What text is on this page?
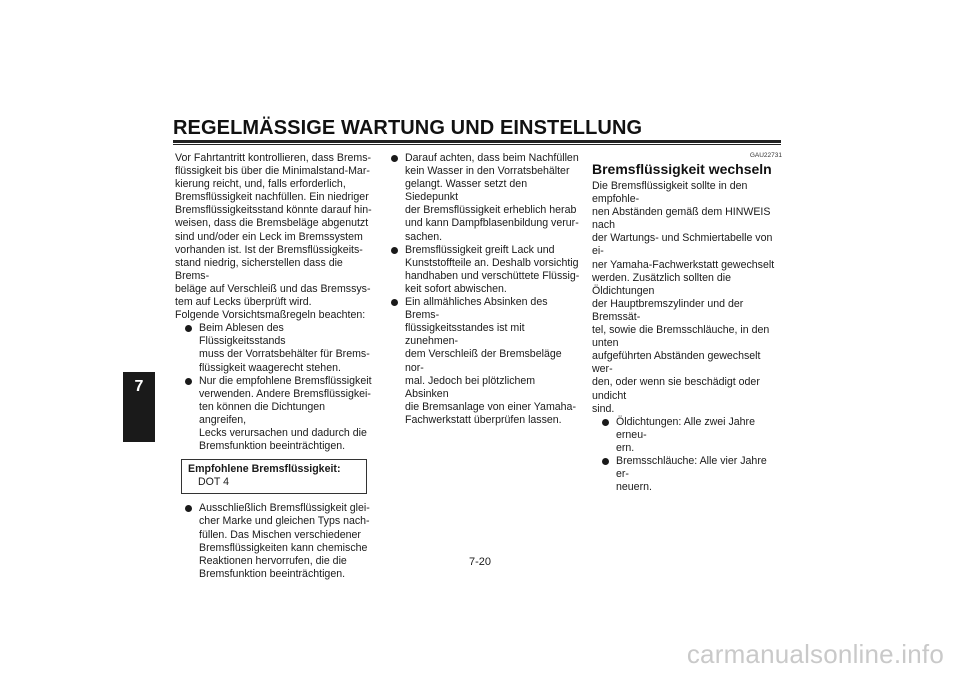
REGELMÄSSIGE WARTUNG UND EINSTELLUNG
7

Vor Fahrtantritt kontrollieren, dass Brems-
flüssigkeit bis über die Minimalstand-Mar-
kierung reicht, und, falls erforderlich,
Bremsflüssigkeit nachfüllen. Ein niedriger
Bremsflüssigkeitsstand könnte darauf hin-
weisen, dass die Bremsbeläge abgenutzt
sind und/oder ein Leck im Bremssystem
vorhanden ist. Ist der Bremsflüssigkeits-
stand niedrig, sicherstellen dass die Brems-
beläge auf Verschleiß und das Bremssys-
tem auf Lecks überprüft wird.

Folgende Vorsichtsmaßregeln beachten:

Beim Ablesen des Flüssigkeitsstands
muss der Vorratsbehälter für Brems-
flüssigkeit waagerecht stehen.
Nur die empfohlene Bremsflüssigkeit
verwenden. Andere Bremsflüssigkei-
ten können die Dichtungen angreifen,
Lecks verursachen und dadurch die
Bremsfunktion beeinträchtigen.
Empfohlene Bremsflüssigkeit:
DOT 4
Ausschließlich Bremsflüssigkeit glei-
cher Marke und gleichen Typs nach-
füllen. Das Mischen verschiedener
Bremsflüssigkeiten kann chemische
Reaktionen hervorrufen, die die
Bremsfunktion beeinträchtigen.
Darauf achten, dass beim Nachfüllen
kein Wasser in den Vorratsbehälter
gelangt. Wasser setzt den Siedepunkt
der Bremsflüssigkeit erheblich herab
und kann Dampfblasenbildung verur-
sachen.
Bremsflüssigkeit greift Lack und
Kunststoffteile an. Deshalb vorsichtig
handhaben und verschüttete Flüssig-
keit sofort abwischen.
Ein allmähliches Absinken des Brems-
flüssigkeitsstandes ist mit zunehmen-
dem Verschleiß der Bremsbeläge nor-
mal. Jedoch bei plötzlichem Absinken
die Bremsanlage von einer Yamaha-
Fachwerkstatt überprüfen lassen.

GAU22731

Bremsflüssigkeit wechseln

Die Bremsflüssigkeit sollte in den empfohle-
nen Abständen gemäß dem HINWEIS nach
der Wartungs- und Schmiertabelle von ei-
ner Yamaha-Fachwerkstatt gewechselt
werden. Zusätzlich sollten die Öldichtungen
der Hauptbremszylinder und der Bremssät-
tel, sowie die Bremsschläuche, in den unten
aufgeführten Abständen gewechselt wer-
den, oder wenn sie beschädigt oder undicht
sind.

Öldichtungen: Alle zwei Jahre erneu-
ern.
Bremsschläuche: Alle vier Jahre er-
neuern.
7-20
carmanualsonline.info
